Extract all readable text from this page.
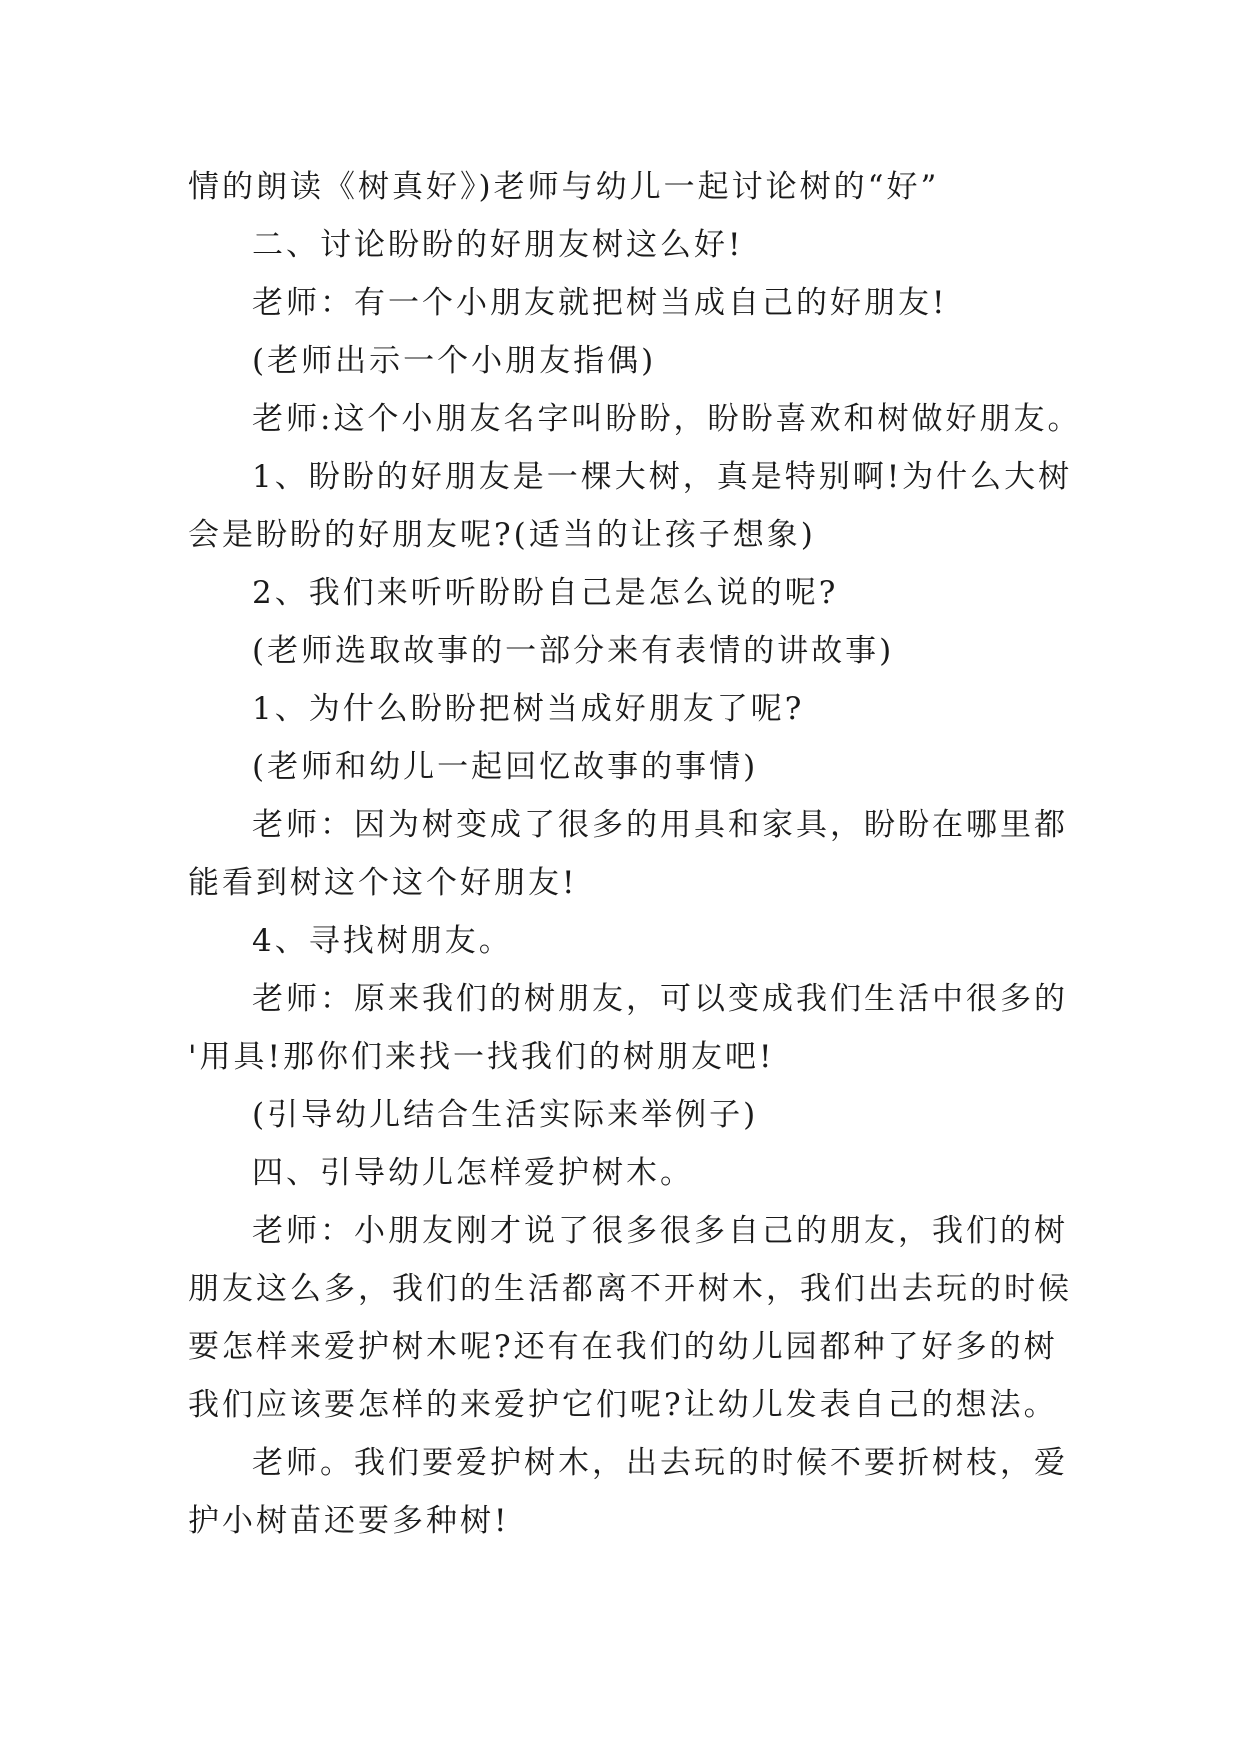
情的朗读《树真好》)老师与幼儿一起讨论树的“好”

二、讨论盼盼的好朋友树这么好!

老师：有一个小朋友就把树当成自己的好朋友!

(老师出示一个小朋友指偶)

老师:这个小朋友名字叫盼盼，盼盼喜欢和树做好朋友。

1、盼盼的好朋友是一棵大树，真是特别啊!为什么大树

会是盼盼的好朋友呢?(适当的让孩子想象)

2、我们来听听盼盼自己是怎么说的呢?

(老师选取故事的一部分来有表情的讲故事)

1、为什么盼盼把树当成好朋友了呢?

(老师和幼儿一起回忆故事的事情)

老师：因为树变成了很多的用具和家具，盼盼在哪里都

能看到树这个这个好朋友!

4、寻找树朋友。

老师：原来我们的树朋友，可以变成我们生活中很多的

'用具!那你们来找一找我们的树朋友吧!

(引导幼儿结合生活实际来举例子)

四、引导幼儿怎样爱护树木。

老师：小朋友刚才说了很多很多自己的朋友，我们的树

朋友这么多，我们的生活都离不开树木，我们出去玩的时候

要怎样来爱护树木呢?还有在我们的幼儿园都种了好多的树

我们应该要怎样的来爱护它们呢?让幼儿发表自己的想法。

老师。我们要爱护树木，出去玩的时候不要折树枝，爱

护小树苗还要多种树!
